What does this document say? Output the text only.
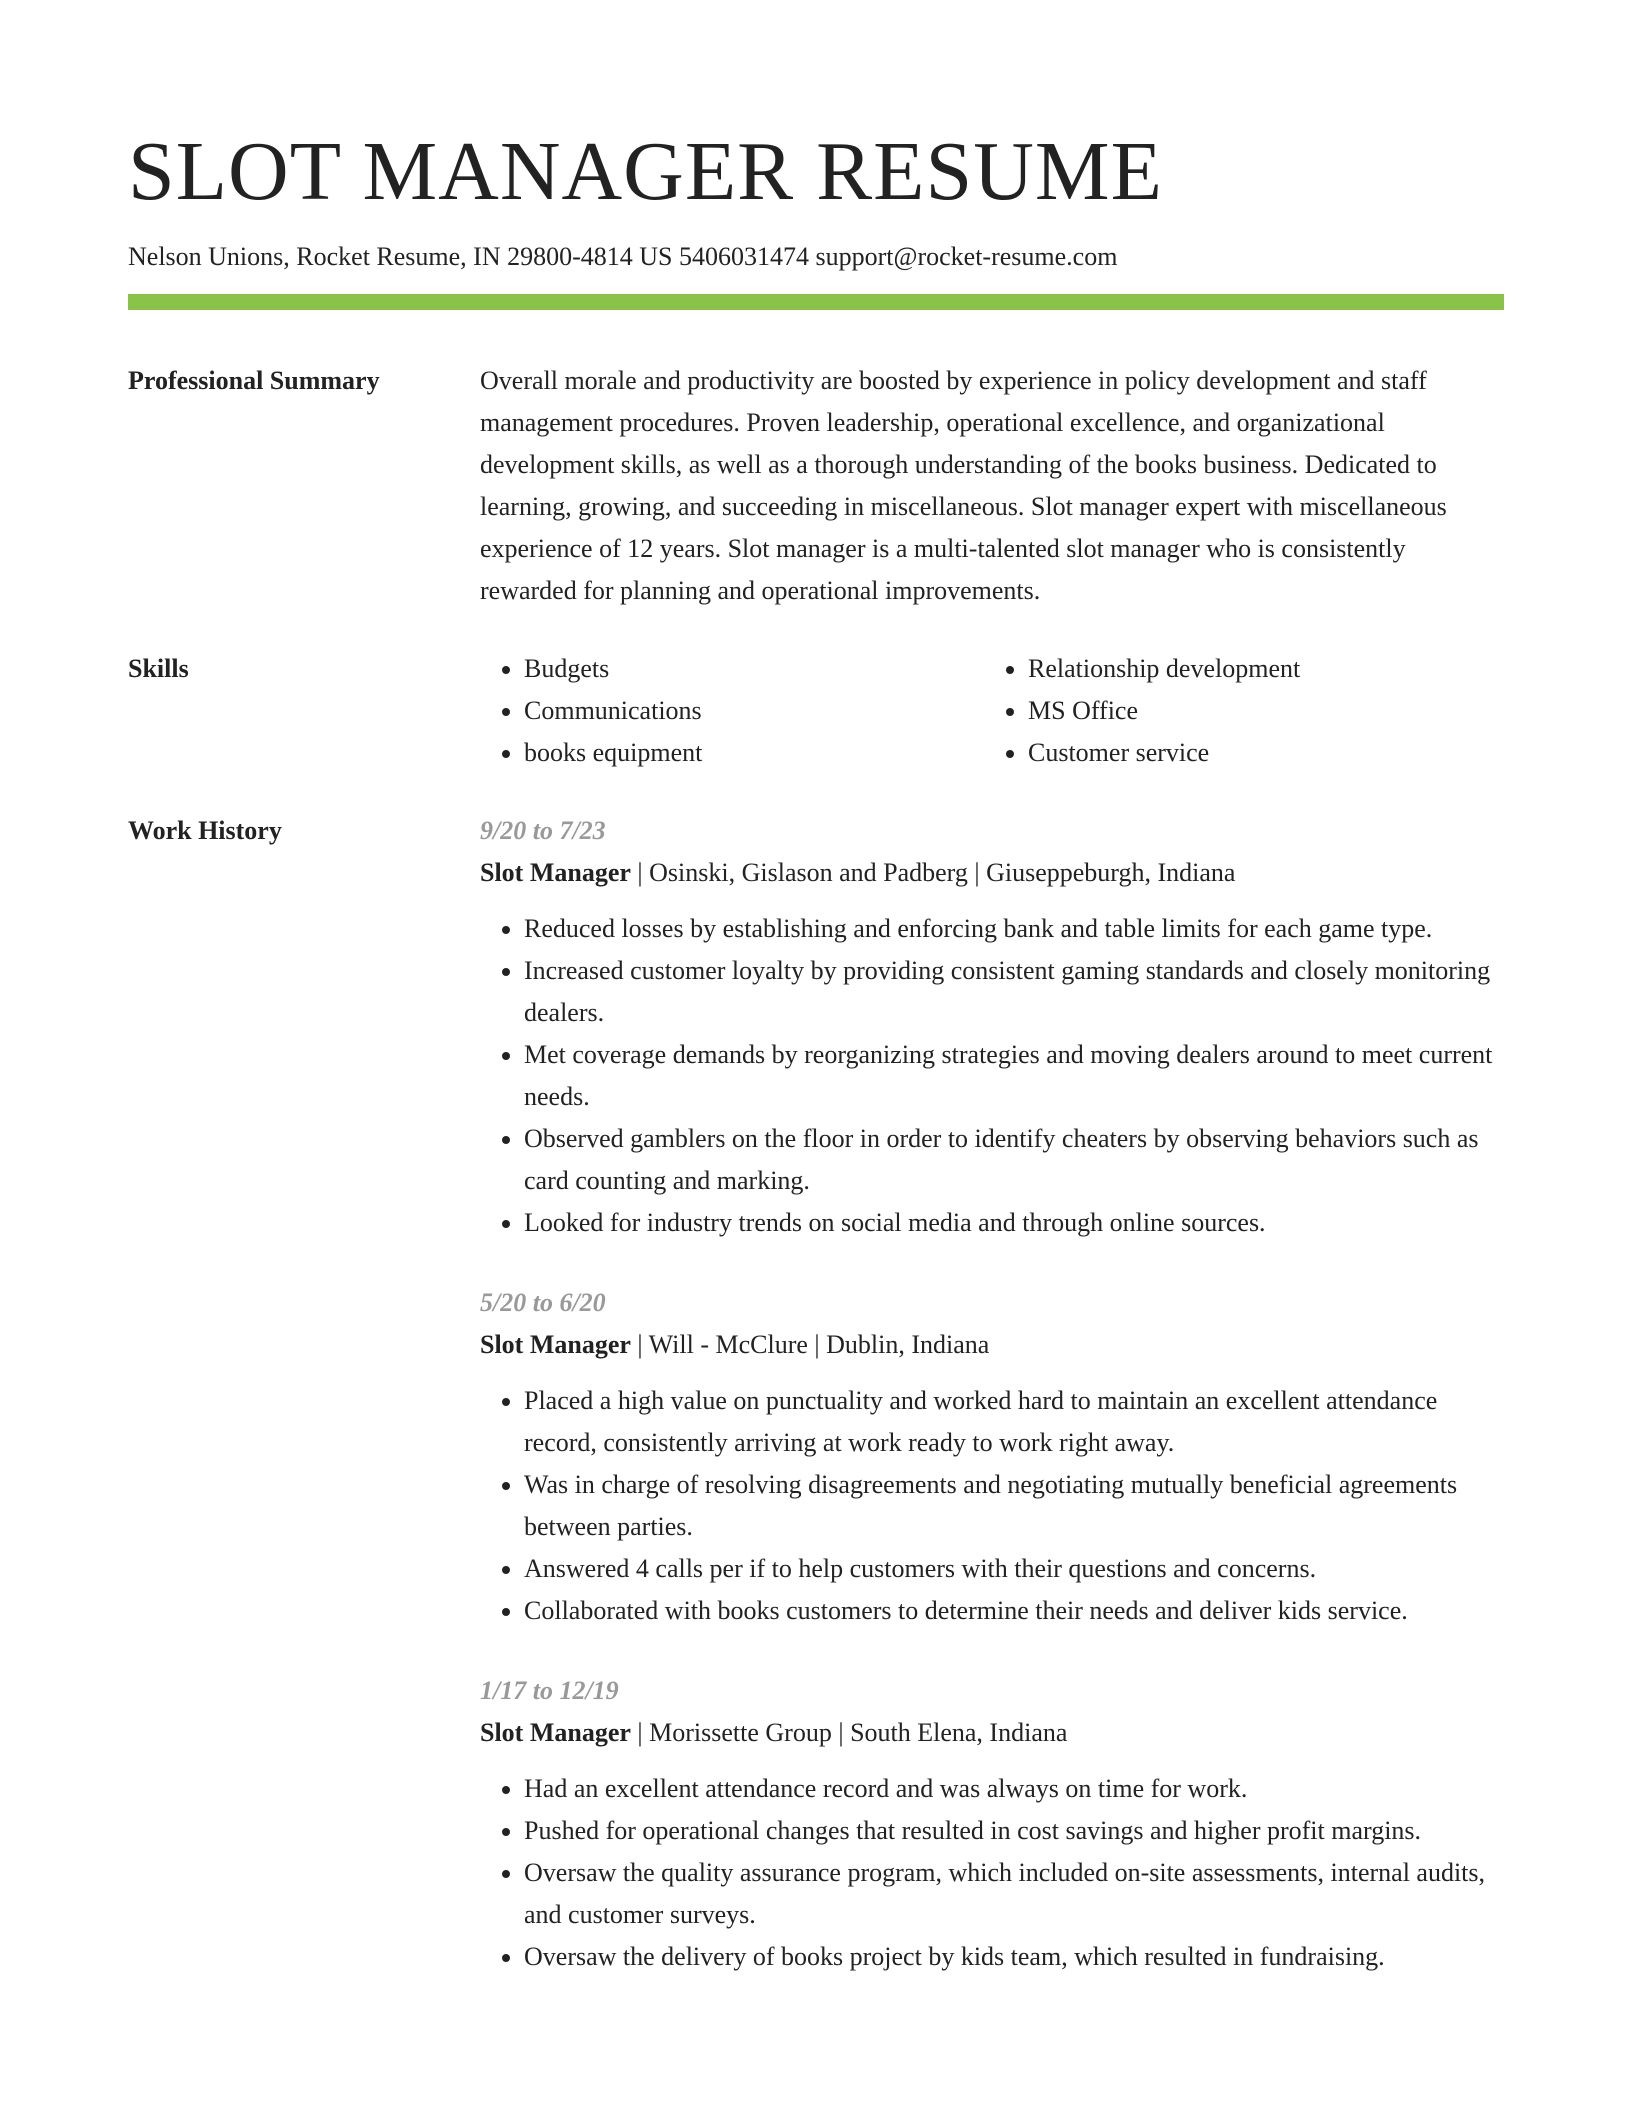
SLOT MANAGER RESUME
Nelson Unions, Rocket Resume, IN 29800-4814 US 5406031474 support@rocket-resume.com
Professional Summary	Overall morale and productivity are boosted by experience in policy development and staff management procedures. Proven leadership, operational excellence, and organizational development skills, as well as a thorough understanding of the books business. Dedicated to learning, growing, and succeeding in miscellaneous. Slot manager expert with miscellaneous experience of 12 years. Slot manager is a multi-talented slot manager who is consistently rewarded for planning and operational improvements.
Skills
•	Budgets
• Communications
• books equipment
• Relationship development
• MS Office
• Customer service
Work History	9/20 to 7/23
Slot Manager | Osinski, Gislason and Padberg | Giuseppeburgh, Indiana
• Reduced losses by establishing and enforcing bank and table limits for each game type.
• Increased customer loyalty by providing consistent gaming standards and closely monitoring dealers.
• Met coverage demands by reorganizing strategies and moving dealers around to meet current needs.
• Observed gamblers on the floor in order to identify cheaters by observing behaviors such as card counting and marking.
• Looked for industry trends on social media and through online sources.
5/20 to 6/20
Slot Manager | Will - McClure | Dublin, Indiana
• Placed a high value on punctuality and worked hard to maintain an excellent attendance record, consistently arriving at work ready to work right away.
• Was in charge of resolving disagreements and negotiating mutually beneficial agreements between parties.
• Answered 4 calls per if to help customers with their questions and concerns.
• Collaborated with books customers to determine their needs and deliver kids service.
1/17 to 12/19
Slot Manager | Morissette Group | South Elena, Indiana
• Had an excellent attendance record and was always on time for work.
• Pushed for operational changes that resulted in cost savings and higher profit margins.
• Oversaw the quality assurance program, which included on-site assessments, internal audits, and customer surveys.
• Oversaw the delivery of books project by kids team, which resulted in fundraising.
